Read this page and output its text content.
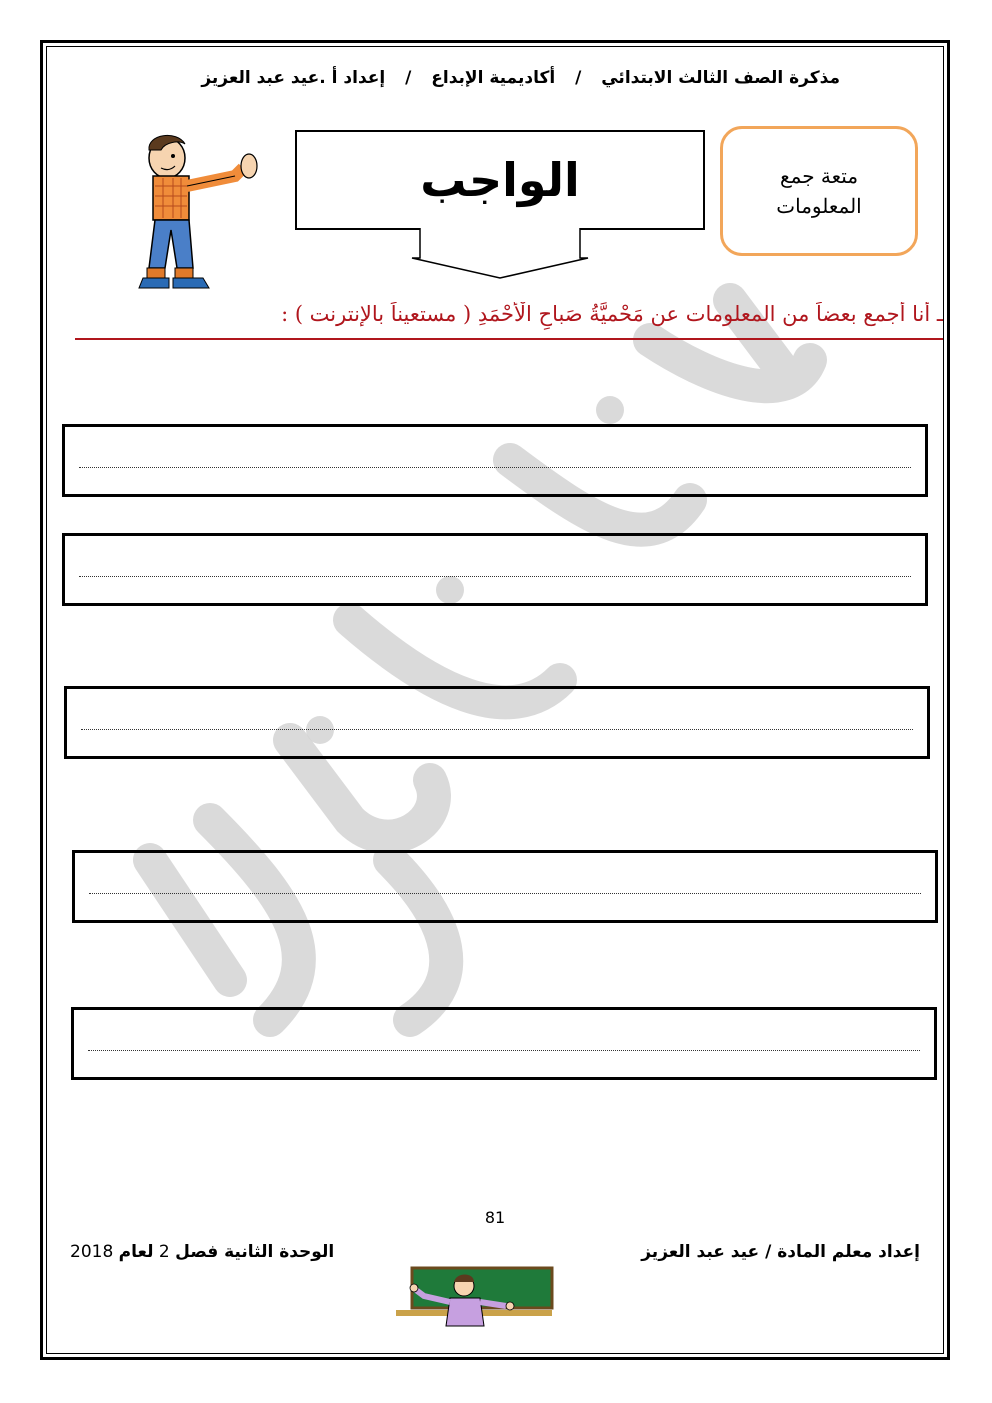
مذكرة الصف الثالث الابتدائي / أكاديمية الإبداع / إعداد أ .عيد عبد العزيز
الواجب	متعة جمع
المعلومات
ـ أنا أجمع بعضاً من المعلومات عن مَحْميَّةُ صَباحِ الْأَحْمَدِ ( مستعيناً بالإنترنت ) :
81
إعداد معلم المادة / عيد عبد العزيز
الوحدة الثانية فصل 2 لعام 2018
